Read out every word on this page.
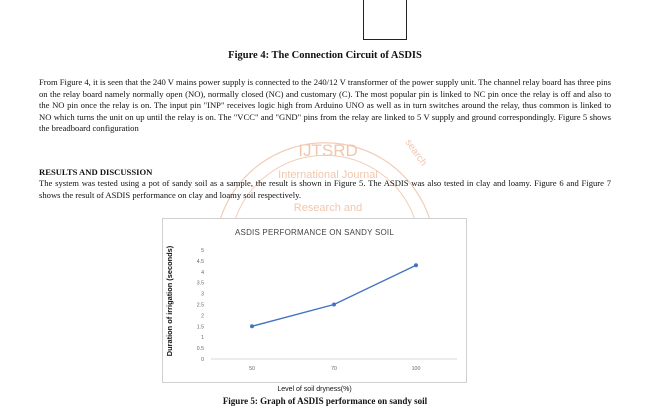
Figure 4: The Connection Circuit of ASDIS

From Figure 4, it is seen that the 240 V mains power supply is connected to the 240/12 V transformer of the power supply unit. The channel relay board has three pins on the relay board namely normally open (NO), normally closed (NC) and customary (C). The most popular pin is linked to NC pin once the relay is off and also to the NO pin once the relay is on. The input pin "INP" receives logic high from Arduino UNO as well as in turn switches around the relay, thus common is linked to NO which turns the unit on up until the relay is on. The "VCC" and "GND" pins from the relay are linked to 5 V supply and ground correspondingly. Figure 5 shows the breadboard configuration

IJTSRD
International Journal
Research and
search
RESULTS AND DISCUSSION

The system was tested using a pot of sandy soil as a sample, the result is shown in Figure 5. The ASDIS was also tested in clay and loamy. Figure 6 and Figure 7 shows the result of ASDIS performance on clay and loamy soil respectively.

ASDIS PERFORMANCE ON SANDY SOIL
0
0.5
1
1.5
2
2.5
3
3.5
4
4.5
5
50	70	100
Duration of irrigation (seconds)
Level of soil dryness(%)
Figure 5: Graph of ASDIS performance on sandy soil
